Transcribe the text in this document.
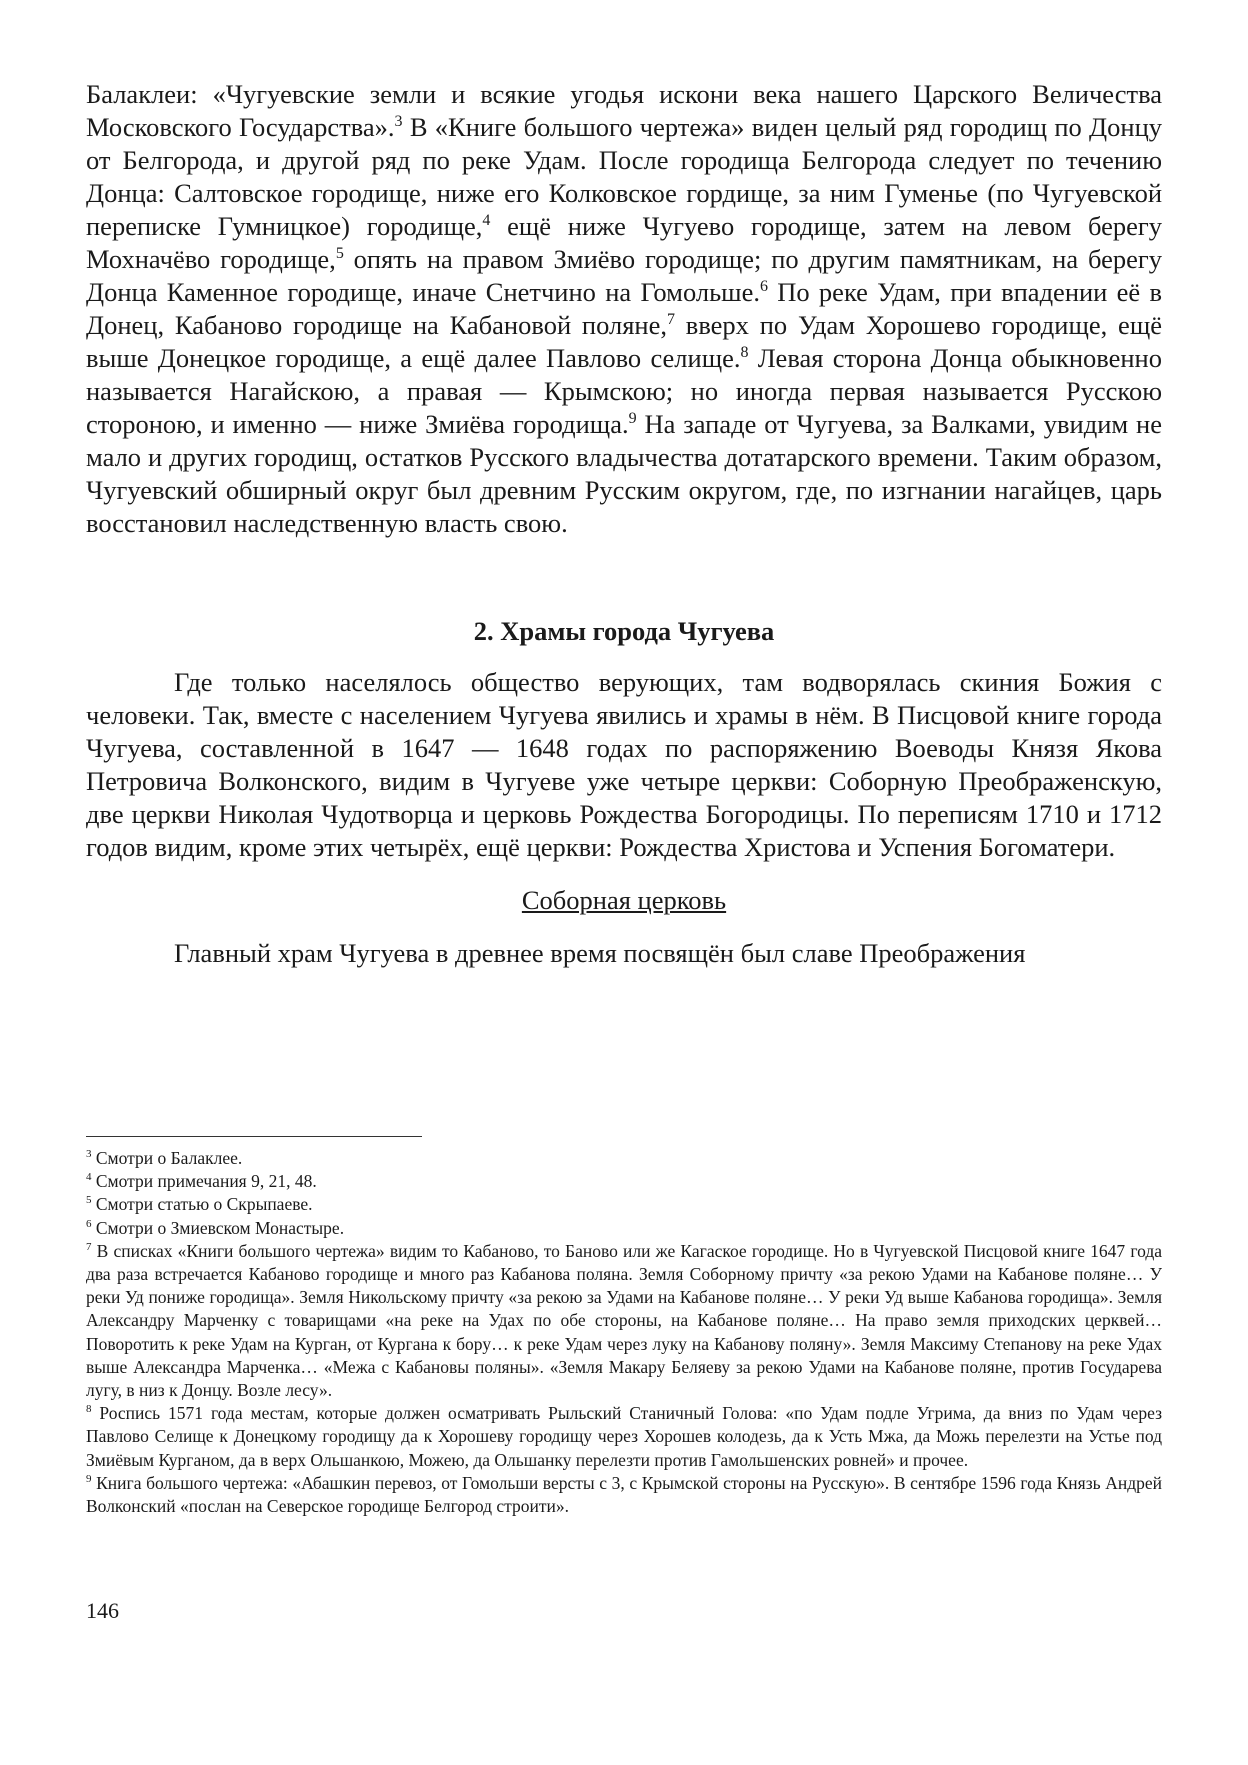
Балаклеи: «Чугуевские земли и всякие угодья искони века нашего Царского Величества Московского Государства».$^3$ В «Книге большого чертежа» виден целый ряд городищ по Донцу от Белгорода, и другой ряд по реке Удам. После городища Белгорода следует по течению Донца: Салтовское городище, ниже его Колковское гордище, за ним Гуменье (по Чугуевской переписке Гумницкое) городище,$^4$ ещё ниже Чугуево городище, затем на левом берегу Мохначёво городище,$^5$ опять на правом Змиёво городище; по другим памятникам, на берегу Донца Каменное городище, иначе Снетчино на Гомольше.$^6$ По реке Удам, при впадении её в Донец, Кабаново городище на Кабановой поляне,$^7$ вверх по Удам Хорошево городище, ещё выше Донецкое городище, а ещё далее Павлово селище.$^8$ Левая сторона Донца обыкновенно называется Нагайскою, а правая — Крымскою; но иногда первая называется Русскою стороною, и именно — ниже Змиёва городища.$^9$ На западе от Чугуева, за Валками, увидим не мало и других городищ, остатков Русского владычества дотатарского времени. Таким образом, Чугуевский обширный округ был древним Русским округом, где, по изгнании нагайцев, царь восстановил наследственную власть свою.

2. Храмы города Чугуева

Где только населялось общество верующих, там водворялась скиния Божия с человеки. Так, вместе с населением Чугуева явились и храмы в нём. В Писцовой книге города Чугуева, составленной в 1647 — 1648 годах по распоряжению Воеводы Князя Якова Петровича Волконского, видим в Чугуеве уже четыре церкви: Соборную Преображенскую, две церкви Николая Чудотворца и церковь Рождества Богородицы. По переписям 1710 и 1712 годов видим, кроме этих четырёх, ещё церкви: Рождества Христова и Успения Богоматери.

Соборная церковь

Главный храм Чугуева в древнее время посвящён был славе Преображения

$^3$ Смотри о Балаклее.

$^4$ Смотри примечания 9, 21, 48.

$^5$ Смотри статью о Скрыпаеве.

$^6$ Смотри о Змиевском Монастыре.

$^7$ В списках «Книги большого чертежа» видим то Кабаново, то Баново или же Кагаское городище. Но в Чугуевской Писцовой книге 1647 года два раза встречается Кабаново городище и много раз Кабанова поляна. Земля Соборному причту «за рекою Удами на Кабанове поляне… У реки Уд пониже городища». Земля Никольскому причту «за рекою за Удами на Кабанове поляне… У реки Уд выше Кабанова городища». Земля Александру Марченку с товарищами «на реке на Удах по обе стороны, на Кабанове поляне… На право земля приходских церквей… Поворотить к реке Удам на Курган, от Кургана к бору… к реке Удам через луку на Кабанову поляну». Земля Максиму Степанову на реке Удах выше Александра Марченка… «Межа с Кабановы поляны». «Земля Макару Беляеву за рекою Удами на Кабанове поляне, против Государева лугу, в низ к Донцу. Возле лесу».

$^8$ Роспись 1571 года местам, которые должен осматривать Рыльский Станичный Голова: «по Удам подле Угрима, да вниз по Удам через Павлово Селище к Донецкому городищу да к Хорошеву городищу через Хорошев колодезь, да к Усть Мжа, да Можь перелезти на Устье под Змиёвым Курганом, да в верх Ольшанкою, Можею, да Ольшанку перелезти против Гамольшенских ровней» и прочее.

$^9$ Книга большого чертежа: «Абашкин перевоз, от Гомольши версты с 3, с Крымской стороны на Русскую». В сентябре 1596 года Князь Андрей Волконский «послан на Северское городище Белгород строити».

146
